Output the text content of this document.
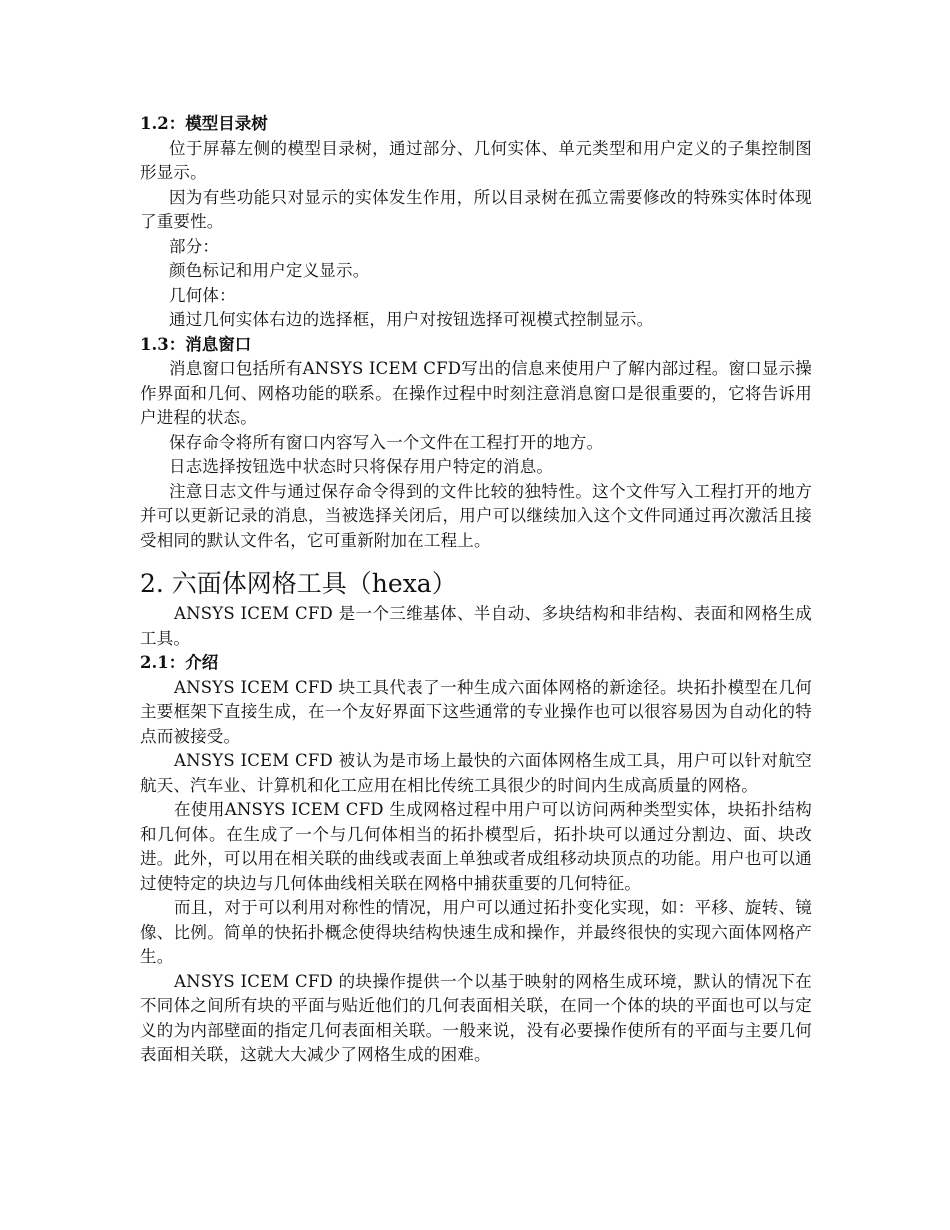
1.2：模型目录树
位于屏幕左侧的模型目录树，通过部分、几何实体、单元类型和用户定义的子集控制图形显示。
因为有些功能只对显示的实体发生作用，所以目录树在孤立需要修改的特殊实体时体现了重要性。
部分：
颜色标记和用户定义显示。
几何体：
通过几何实体右边的选择框，用户对按钮选择可视模式控制显示。
1.3：消息窗口
消息窗口包括所有ANSYS ICEM CFD写出的信息来使用户了解内部过程。窗口显示操作界面和几何、网格功能的联系。在操作过程中时刻注意消息窗口是很重要的，它将告诉用户进程的状态。
保存命令将所有窗口内容写入一个文件在工程打开的地方。
日志选择按钮选中状态时只将保存用户特定的消息。
注意日志文件与通过保存命令得到的文件比较的独特性。这个文件写入工程打开的地方并可以更新记录的消息，当被选择关闭后，用户可以继续加入这个文件同通过再次激活且接受相同的默认文件名，它可重新附加在工程上。
2. 六面体网格工具（hexa）
ANSYS ICEM CFD 是一个三维基体、半自动、多块结构和非结构、表面和网格生成工具。
2.1：介绍
ANSYS ICEM CFD 块工具代表了一种生成六面体网格的新途径。块拓扑模型在几何主要框架下直接生成，在一个友好界面下这些通常的专业操作也可以很容易因为自动化的特点而被接受。
ANSYS ICEM CFD 被认为是市场上最快的六面体网格生成工具，用户可以针对航空航天、汽车业、计算机和化工应用在相比传统工具很少的时间内生成高质量的网格。
在使用ANSYS ICEM CFD 生成网格过程中用户可以访问两种类型实体，块拓扑结构和几何体。在生成了一个与几何体相当的拓扑模型后，拓扑块可以通过分割边、面、块改进。此外，可以用在相关联的曲线或表面上单独或者成组移动块顶点的功能。用户也可以通过使特定的块边与几何体曲线相关联在网格中捕获重要的几何特征。
而且，对于可以利用对称性的情况，用户可以通过拓扑变化实现，如：平移、旋转、镜像、比例。简单的快拓扑概念使得块结构快速生成和操作，并最终很快的实现六面体网格产生。
ANSYS ICEM CFD 的块操作提供一个以基于映射的网格生成环境，默认的情况下在不同体之间所有块的平面与贴近他们的几何表面相关联，在同一个体的块的平面也可以与定义的为内部壁面的指定几何表面相关联。一般来说，没有必要操作使所有的平面与主要几何表面相关联，这就大大减少了网格生成的困难。
